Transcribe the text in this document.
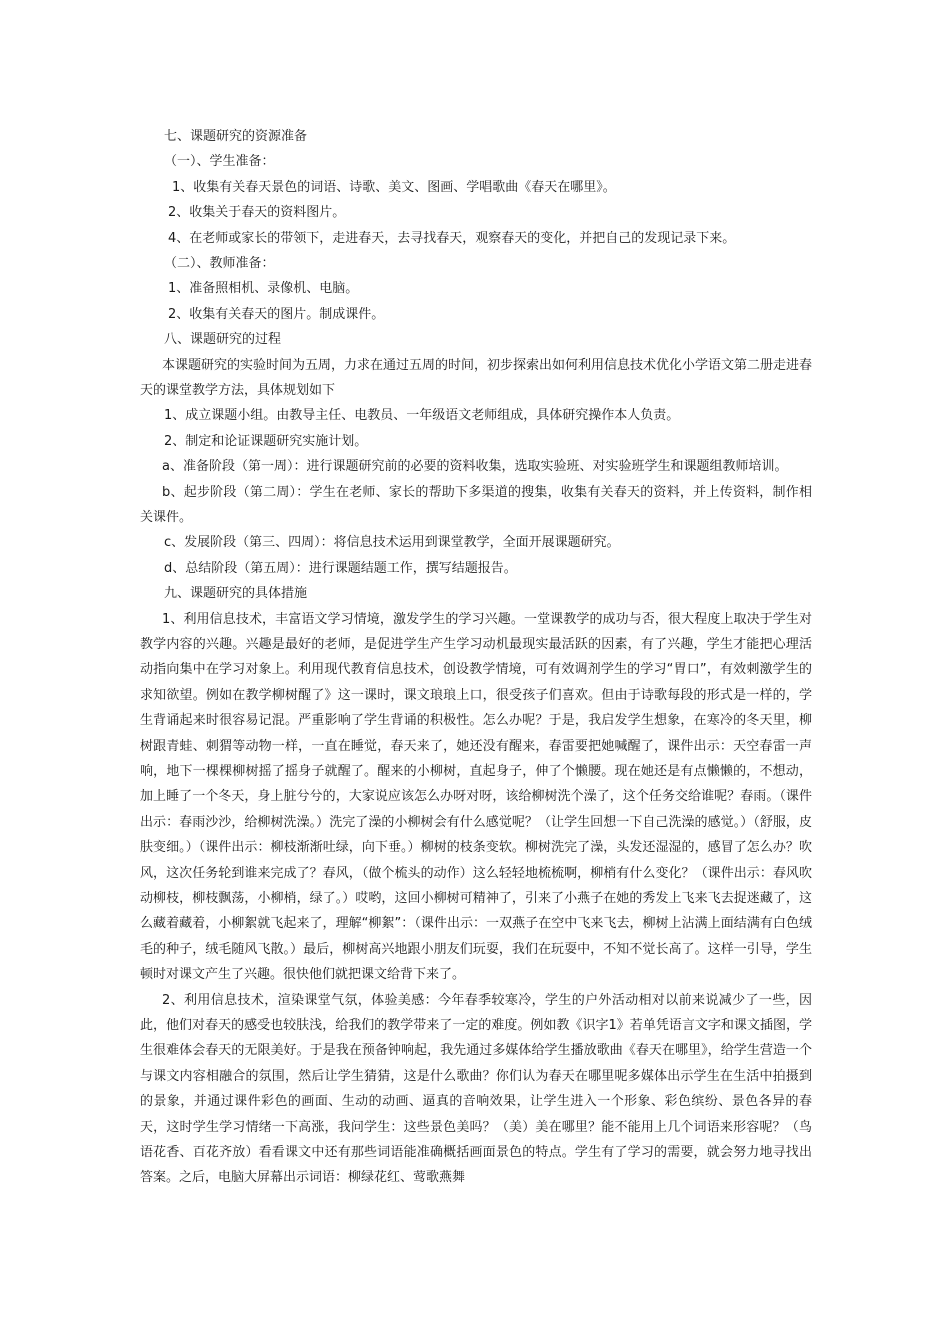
七、课题研究的资源准备
（一）、学生准备：
1、收集有关春天景色的词语、诗歌、美文、图画、学唱歌曲《春天在哪里》。
2、收集关于春天的资料图片。
4、在老师或家长的带领下，走进春天，去寻找春天，观察春天的变化，并把自己的发现记录下来。
（二）、教师准备：
1、准备照相机、录像机、电脑。
2、收集有关春天的图片。制成课件。
八、课题研究的过程

本课题研究的实验时间为五周，力求在通过五周的时间，初步探索出如何利用信息技术优化小学语文第二册走进春天的课堂教学方法，具体规划如下

1、成立课题小组。由教导主任、电教员、一年级语文老师组成，具体研究操作本人负责。
2、制定和论证课题研究实施计划。

a、准备阶段（第一周）：进行课题研究前的必要的资料收集，选取实验班、对实验班学生和课题组教师培训。

b、起步阶段（第二周）：学生在老师、家长的帮助下多渠道的搜集，收集有关春天的资料，并上传资料，制作相关课件。

c、发展阶段（第三、四周）：将信息技术运用到课堂教学，全面开展课题研究。
d、总结阶段（第五周）：进行课题结题工作，撰写结题报告。
九、课题研究的具体措施

1、利用信息技术，丰富语文学习情境，激发学生的学习兴趣。一堂课教学的成功与否，很大程度上取决于学生对教学内容的兴趣。兴趣是最好的老师，是促进学生产生学习动机最现实最活跃的因素，有了兴趣，学生才能把心理活动指向集中在学习对象上。利用现代教育信息技术，创设教学情境，可有效调剂学生的学习“胃口”，有效刺激学生的求知欲望。例如在教学柳树醒了》这一课时，课文琅琅上口，很受孩子们喜欢。但由于诗歌每段的形式是一样的，学生背诵起来时很容易记混。严重影响了学生背诵的积极性。怎么办呢？于是，我启发学生想象，在寒冷的冬天里，柳树跟青蛙、刺猬等动物一样，一直在睡觉，春天来了，她还没有醒来，春雷要把她喊醒了，课件出示：天空春雷一声响，地下一棵棵柳树摇了摇身子就醒了。醒来的小柳树，直起身子，伸了个懒腰。现在她还是有点懒懒的，不想动，加上睡了一个冬天，身上脏兮兮的，大家说应该怎么办呀对呀，该给柳树洗个澡了，这个任务交给谁呢？春雨。（课件出示：春雨沙沙，给柳树洗澡。）洗完了澡的小柳树会有什么感觉呢？（让学生回想一下自己洗澡的感觉。）（舒服，皮肤变细。）（课件出示：柳枝渐渐吐绿，向下垂。）柳树的枝条变软。柳树洗完了澡，头发还湿湿的，感冒了怎么办？吹风，这次任务轮到谁来完成了？春风，（做个梳头的动作）这么轻轻地梳梳啊，柳梢有什么变化？（课件出示：春风吹动柳枝，柳枝飘荡，小柳梢，绿了。）哎哟，这回小柳树可精神了，引来了小燕子在她的秀发上飞来飞去捉迷藏了，这么藏着藏着，小柳絮就飞起来了，理解“柳絮”：（课件出示：一双燕子在空中飞来飞去，柳树上沾满上面结满有白色绒毛的种子，绒毛随风飞散。）最后，柳树高兴地跟小朋友们玩耍，我们在玩耍中，不知不觉长高了。这样一引导，学生顿时对课文产生了兴趣。很快他们就把课文给背下来了。

2、利用信息技术，渲染课堂气氛，体验美感：今年春季较寒冷，学生的户外活动相对以前来说减少了一些，因此，他们对春天的感受也较肤浅，给我们的教学带来了一定的难度。例如教《识字1》若单凭语言文字和课文插图，学生很难体会春天的无限美好。于是我在预备钟响起，我先通过多媒体给学生播放歌曲《春天在哪里》，给学生营造一个与课文内容相融合的氛围，然后让学生猜猜，这是什么歌曲？你们认为春天在哪里呢多媒体出示学生在生活中拍摄到的景象，并通过课件彩色的画面、生动的动画、逼真的音响效果，让学生进入一个形象、彩色缤纷、景色各异的春天，这时学生学习情绪一下高涨，我问学生：这些景色美吗？（美）美在哪里？能不能用上几个词语来形容呢？（鸟语花香、百花齐放）看看课文中还有那些词语能准确概括画面景色的特点。学生有了学习的需要，就会努力地寻找出答案。之后，电脑大屏幕出示词语：柳绿花红、莺歌燕舞
